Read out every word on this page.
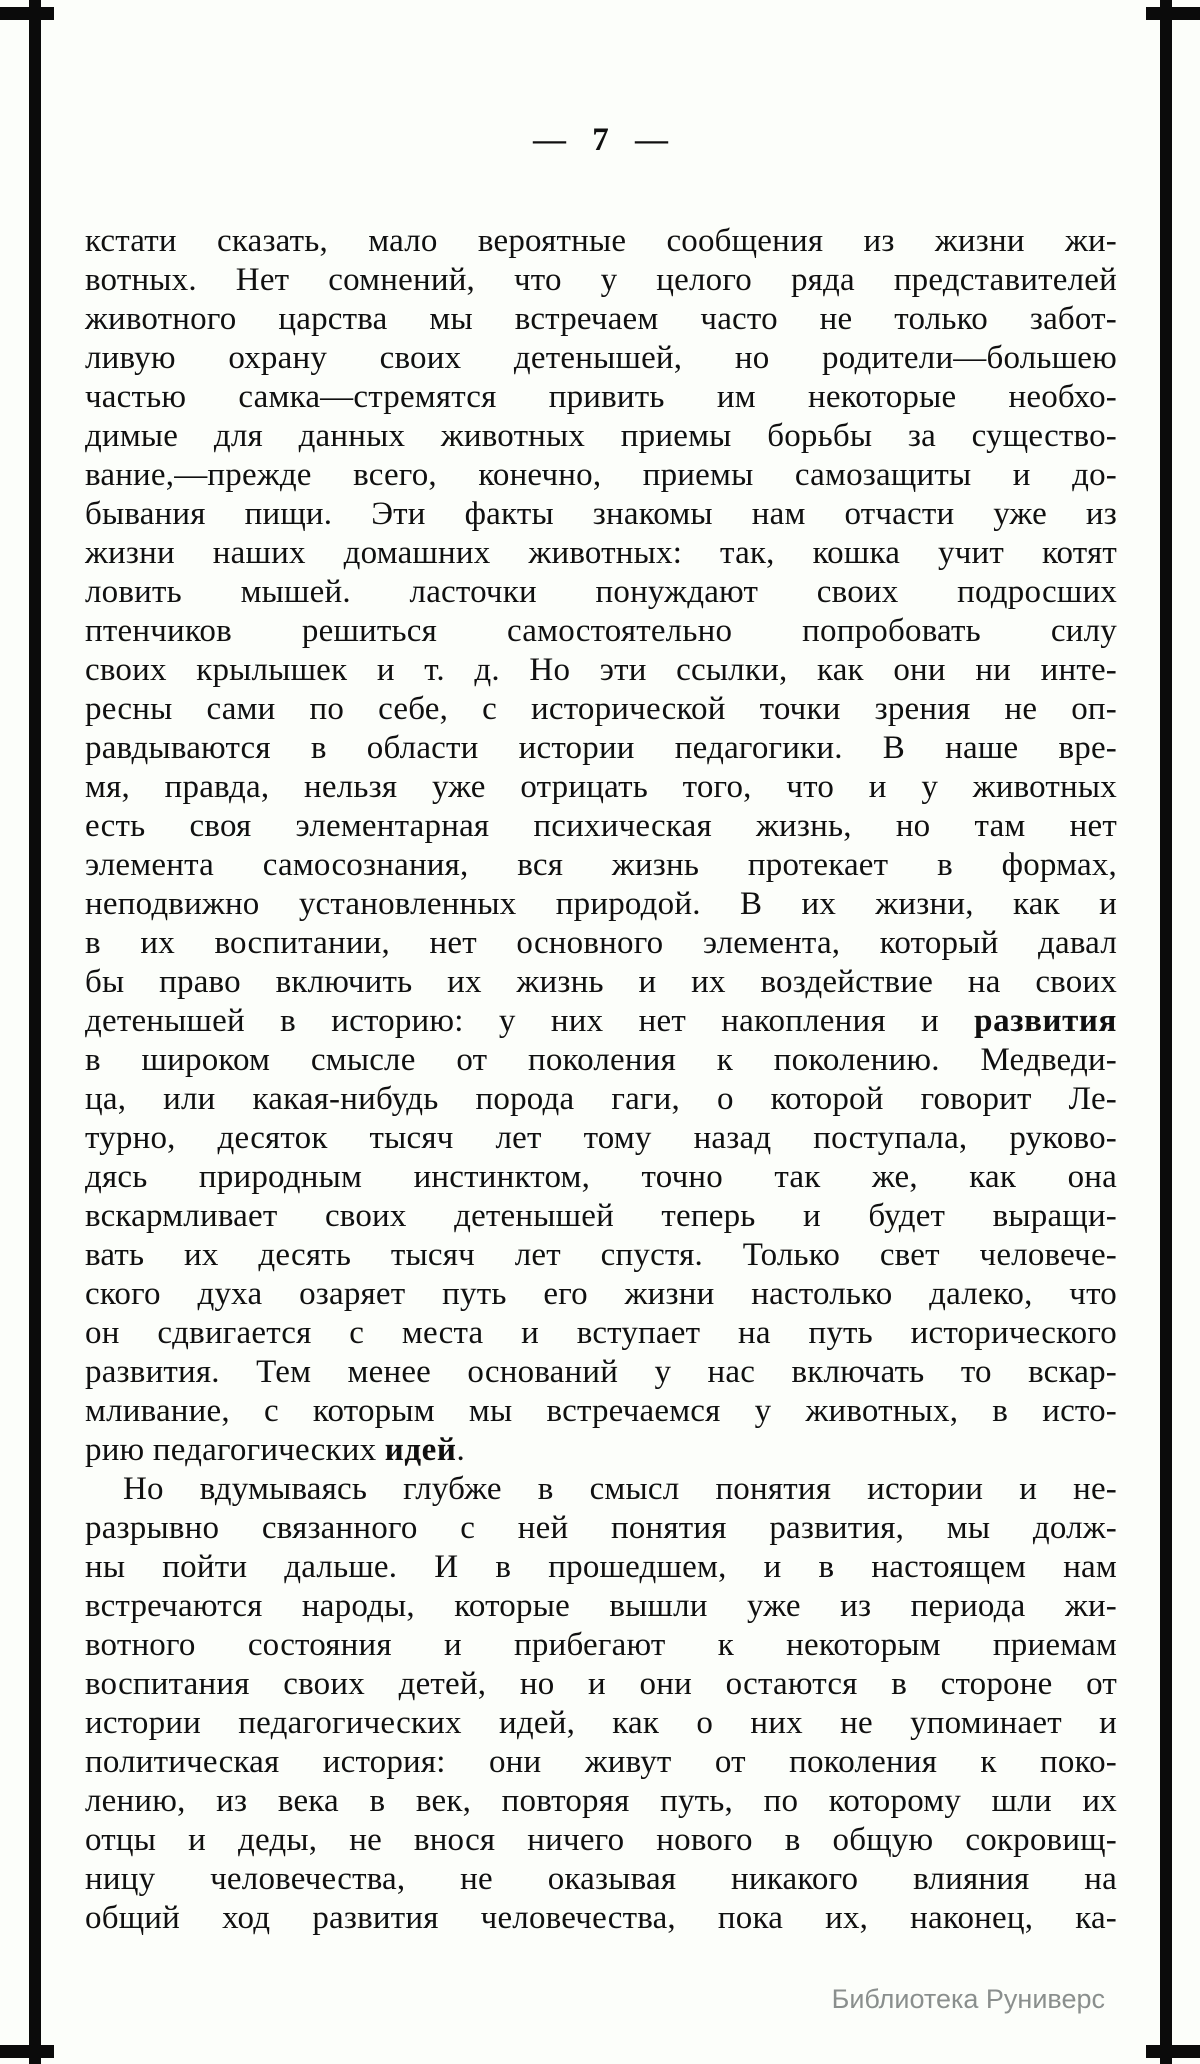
— 7 —
кстати сказать, мало вероятные сообщения из жизни жи-
вотных. Нет сомнений, что у целого ряда представителей
животного царства мы встречаем часто не только забот-
ливую охрану своих детенышей, но родители—большею
частью самка—стремятся привить им некоторые необхо-
димые для данных животных приемы борьбы за существо-
вание,—прежде всего, конечно, приемы самозащиты и до-
бывания пищи. Эти факты знакомы нам отчасти уже из
жизни наших домашних животных: так, кошка учит котят
ловить мышей. ласточки понуждают своих подросших
птенчиков решиться самостоятельно попробовать силу
своих крылышек и т. д. Но эти ссылки, как они ни инте-
ресны сами по себе, с исторической точки зрения не оп-
равдываются в области истории педагогики. В наше вре-
мя, правда, нельзя уже отрицать того, что и у животных
есть своя элементарная психическая жизнь, но там нет
элемента самосознания, вся жизнь протекает в формах,
неподвижно установленных природой. В их жизни, как и
в их воспитании, нет основного элемента, который давал
бы право включить их жизнь и их воздействие на своих
детенышей в историю: у них нет накопления и развития
в широком смысле от поколения к поколению. Медведи-
ца, или какая-нибудь порода гаги, о которой говорит Ле-
турно, десяток тысяч лет тому назад поступала, руково-
дясь природным инстинктом, точно так же, как она
вскармливает своих детенышей теперь и будет выращи-
вать их десять тысяч лет спустя. Только свет человече-
ского духа озаряет путь его жизни настолько далеко, что
он сдвигается с места и вступает на путь исторического
развития. Тем менее оснований у нас включать то вскар-
мливание, с которым мы встречаемся у животных, в исто-
рию педагогических идей.
Но вдумываясь глубже в смысл понятия истории и не-
разрывно связанного с ней понятия развития, мы долж-
ны пойти дальше. И в прошедшем, и в настоящем нам
встречаются народы, которые вышли уже из периода жи-
вотного состояния и прибегают к некоторым приемам
воспитания своих детей, но и они остаются в стороне от
истории педагогических идей, как о них не упоминает и
политическая история: они живут от поколения к поко-
лению, из века в век, повторяя путь, по которому шли их
отцы и деды, не внося ничего нового в общую сокровищ-
ницу человечества, не оказывая никакого влияния на
общий ход развития человечества, пока их, наконец, ка-
Библиотека Руниверс
